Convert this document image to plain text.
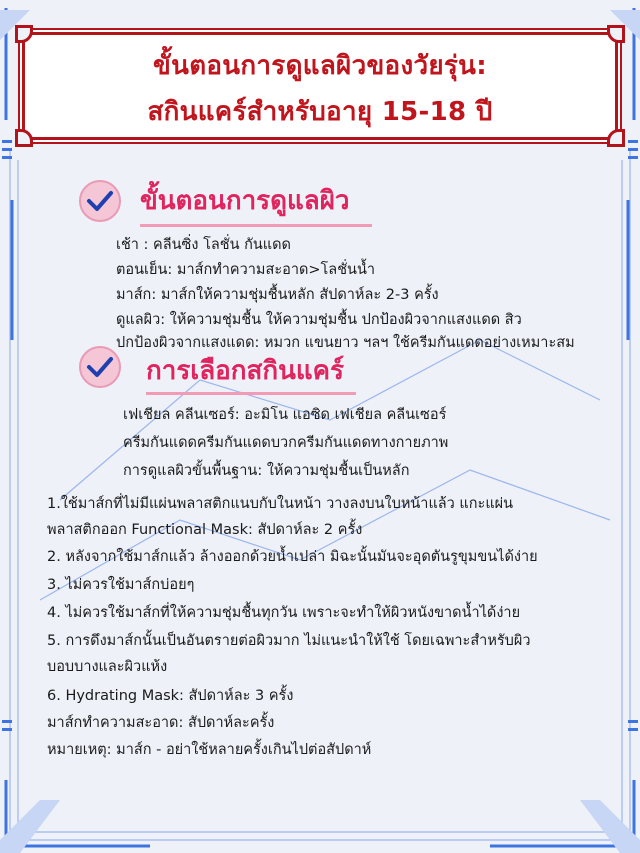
ขั้นตอนการดูแลผิวของวัยรุ่น:
สกินแคร์สำหรับอายุ 15-18 ปี
ขั้นตอนการดูแลผิว
เช้า : คลีนซิ่ง โลชั่น กันแดด
ตอนเย็น: มาส์กทำความสะอาด>โลชั่นน้ำ
มาส์ก: มาส์กให้ความชุ่มชื้นหลัก สัปดาห์ละ 2-3 ครั้ง
ดูแลผิว: ให้ความชุ่มชื้น ให้ความชุ่มชื้น ปกป้องผิวจากแสงแดด สิว
ปกป้องผิวจากแสงแดด: หมวก แขนยาว ฯลฯ ใช้ครีมกันแดดอย่างเหมาะสม
การเลือกสกินแคร์
เฟเชียล คลีนเซอร์: อะมิโน แอซิด เฟเชียล คลีนเซอร์
ครีมกันแดดครีมกันแดดบวกครีมกันแดดทางกายภาพ
การดูแลผิวขั้นพื้นฐาน: ให้ความชุ่มชื้นเป็นหลัก
1.ใช้มาส์กที่ไม่มีแผ่นพลาสติกแนบกับในหน้า วางลงบนใบหน้าแล้ว แกะแผ่น
พลาสติกออก Functional Mask: สัปดาห์ละ 2 ครั้ง
2. หลังจากใช้มาส์กแล้ว ล้างออกด้วยน้ำเปล่า มิฉะนั้นมันจะอุดตันรูขุมขนได้ง่าย
3. ไม่ควรใช้มาส์กบ่อยๆ
4. ไม่ควรใช้มาส์กที่ให้ความชุ่มชื้นทุกวัน เพราะจะทำให้ผิวหนังขาดน้ำได้ง่าย
5. การดึงมาส์กนั้นเป็นอันตรายต่อผิวมาก ไม่แนะนำให้ใช้ โดยเฉพาะสำหรับผิว
บอบบางและผิวแห้ง
6. Hydrating Mask: สัปดาห์ละ 3 ครั้ง
มาส์กทำความสะอาด: สัปดาห์ละครั้ง
หมายเหตุ: มาส์ก - อย่าใช้หลายครั้งเกินไปต่อสัปดาห์
